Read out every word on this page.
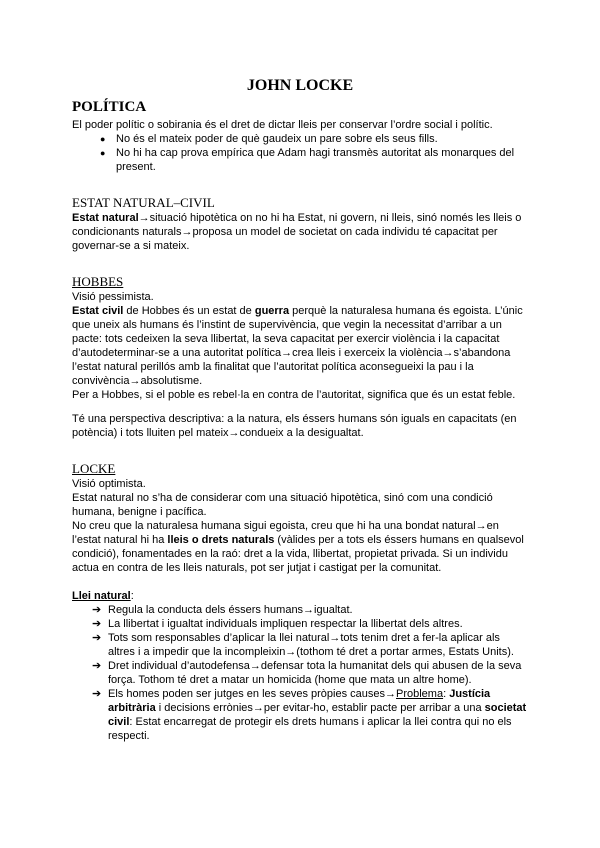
JOHN LOCKE
POLÍTICA

El poder polític o sobirania és el dret de dictar lleis per conservar l’ordre social i polític.

● No és el mateix poder de què gaudeix un pare sobre els seus fills.
● No hi ha cap prova empírica que Adam hagi transmès autoritat als monarques del present.
ESTAT NATURAL–CIVIL

Estat natural→situació hipotètica on no hi ha Estat, ni govern, ni lleis, sinó només les lleis o condicionants naturals→proposa un model de societat on cada individu té capacitat per governar-se a si mateix.

HOBBES

Visió pessimista.

Estat civil de Hobbes és un estat de guerra perquè la naturalesa humana és egoista. L’únic que uneix als humans és l’instint de supervivència, que vegin la necessitat d’arribar a un pacte: tots cedeixen la seva llibertat, la seva capacitat per exercir violència i la capacitat d’autodeterminar-se a una autoritat política→crea lleis i exerceix la violència→s’abandona l’estat natural perillós amb la finalitat que l’autoritat política aconsegueixi la pau i la convivència→absolutisme.

Per a Hobbes, si el poble es rebel·la en contra de l’autoritat, significa que és un estat feble.

Té una perspectiva descriptiva: a la natura, els éssers humans són iguals en capacitats (en potència) i tots lluiten pel mateix→condueix a la desigualtat.

LOCKE

Visió optimista.

Estat natural no s’ha de considerar com una situació hipotètica, sinó com una condició humana, benigne i pacífica.

No creu que la naturalesa humana sigui egoista, creu que hi ha una bondat natural→en l’estat natural hi ha lleis o drets naturals (vàlides per a tots els éssers humans en qualsevol condició), fonamentades en la raó: dret a la vida, llibertat, propietat privada. Si un individu actua en contra de les lleis naturals, pot ser jutjat i castigat per la comunitat.

Llei natural:

➔ Regula la conducta dels éssers humans→igualtat.
➔ La llibertat i igualtat individuals impliquen respectar la llibertat dels altres.
➔ Tots som responsables d’aplicar la llei natural→tots tenim dret a fer-la aplicar als altres i a impedir que la incompleixin→(tothom té dret a portar armes, Estats Units).
➔ Dret individual d’autodefensa→defensar tota la humanitat dels qui abusen de la seva força. Tothom té dret a matar un homicida (home que mata un altre home).
➔ Els homes poden ser jutges en les seves pròpies causes→Problema: Justícia arbitrària i decisions errònies→per evitar-ho, establir pacte per arribar a una societat civil: Estat encarregat de protegir els drets humans i aplicar la llei contra qui no els respecti.
